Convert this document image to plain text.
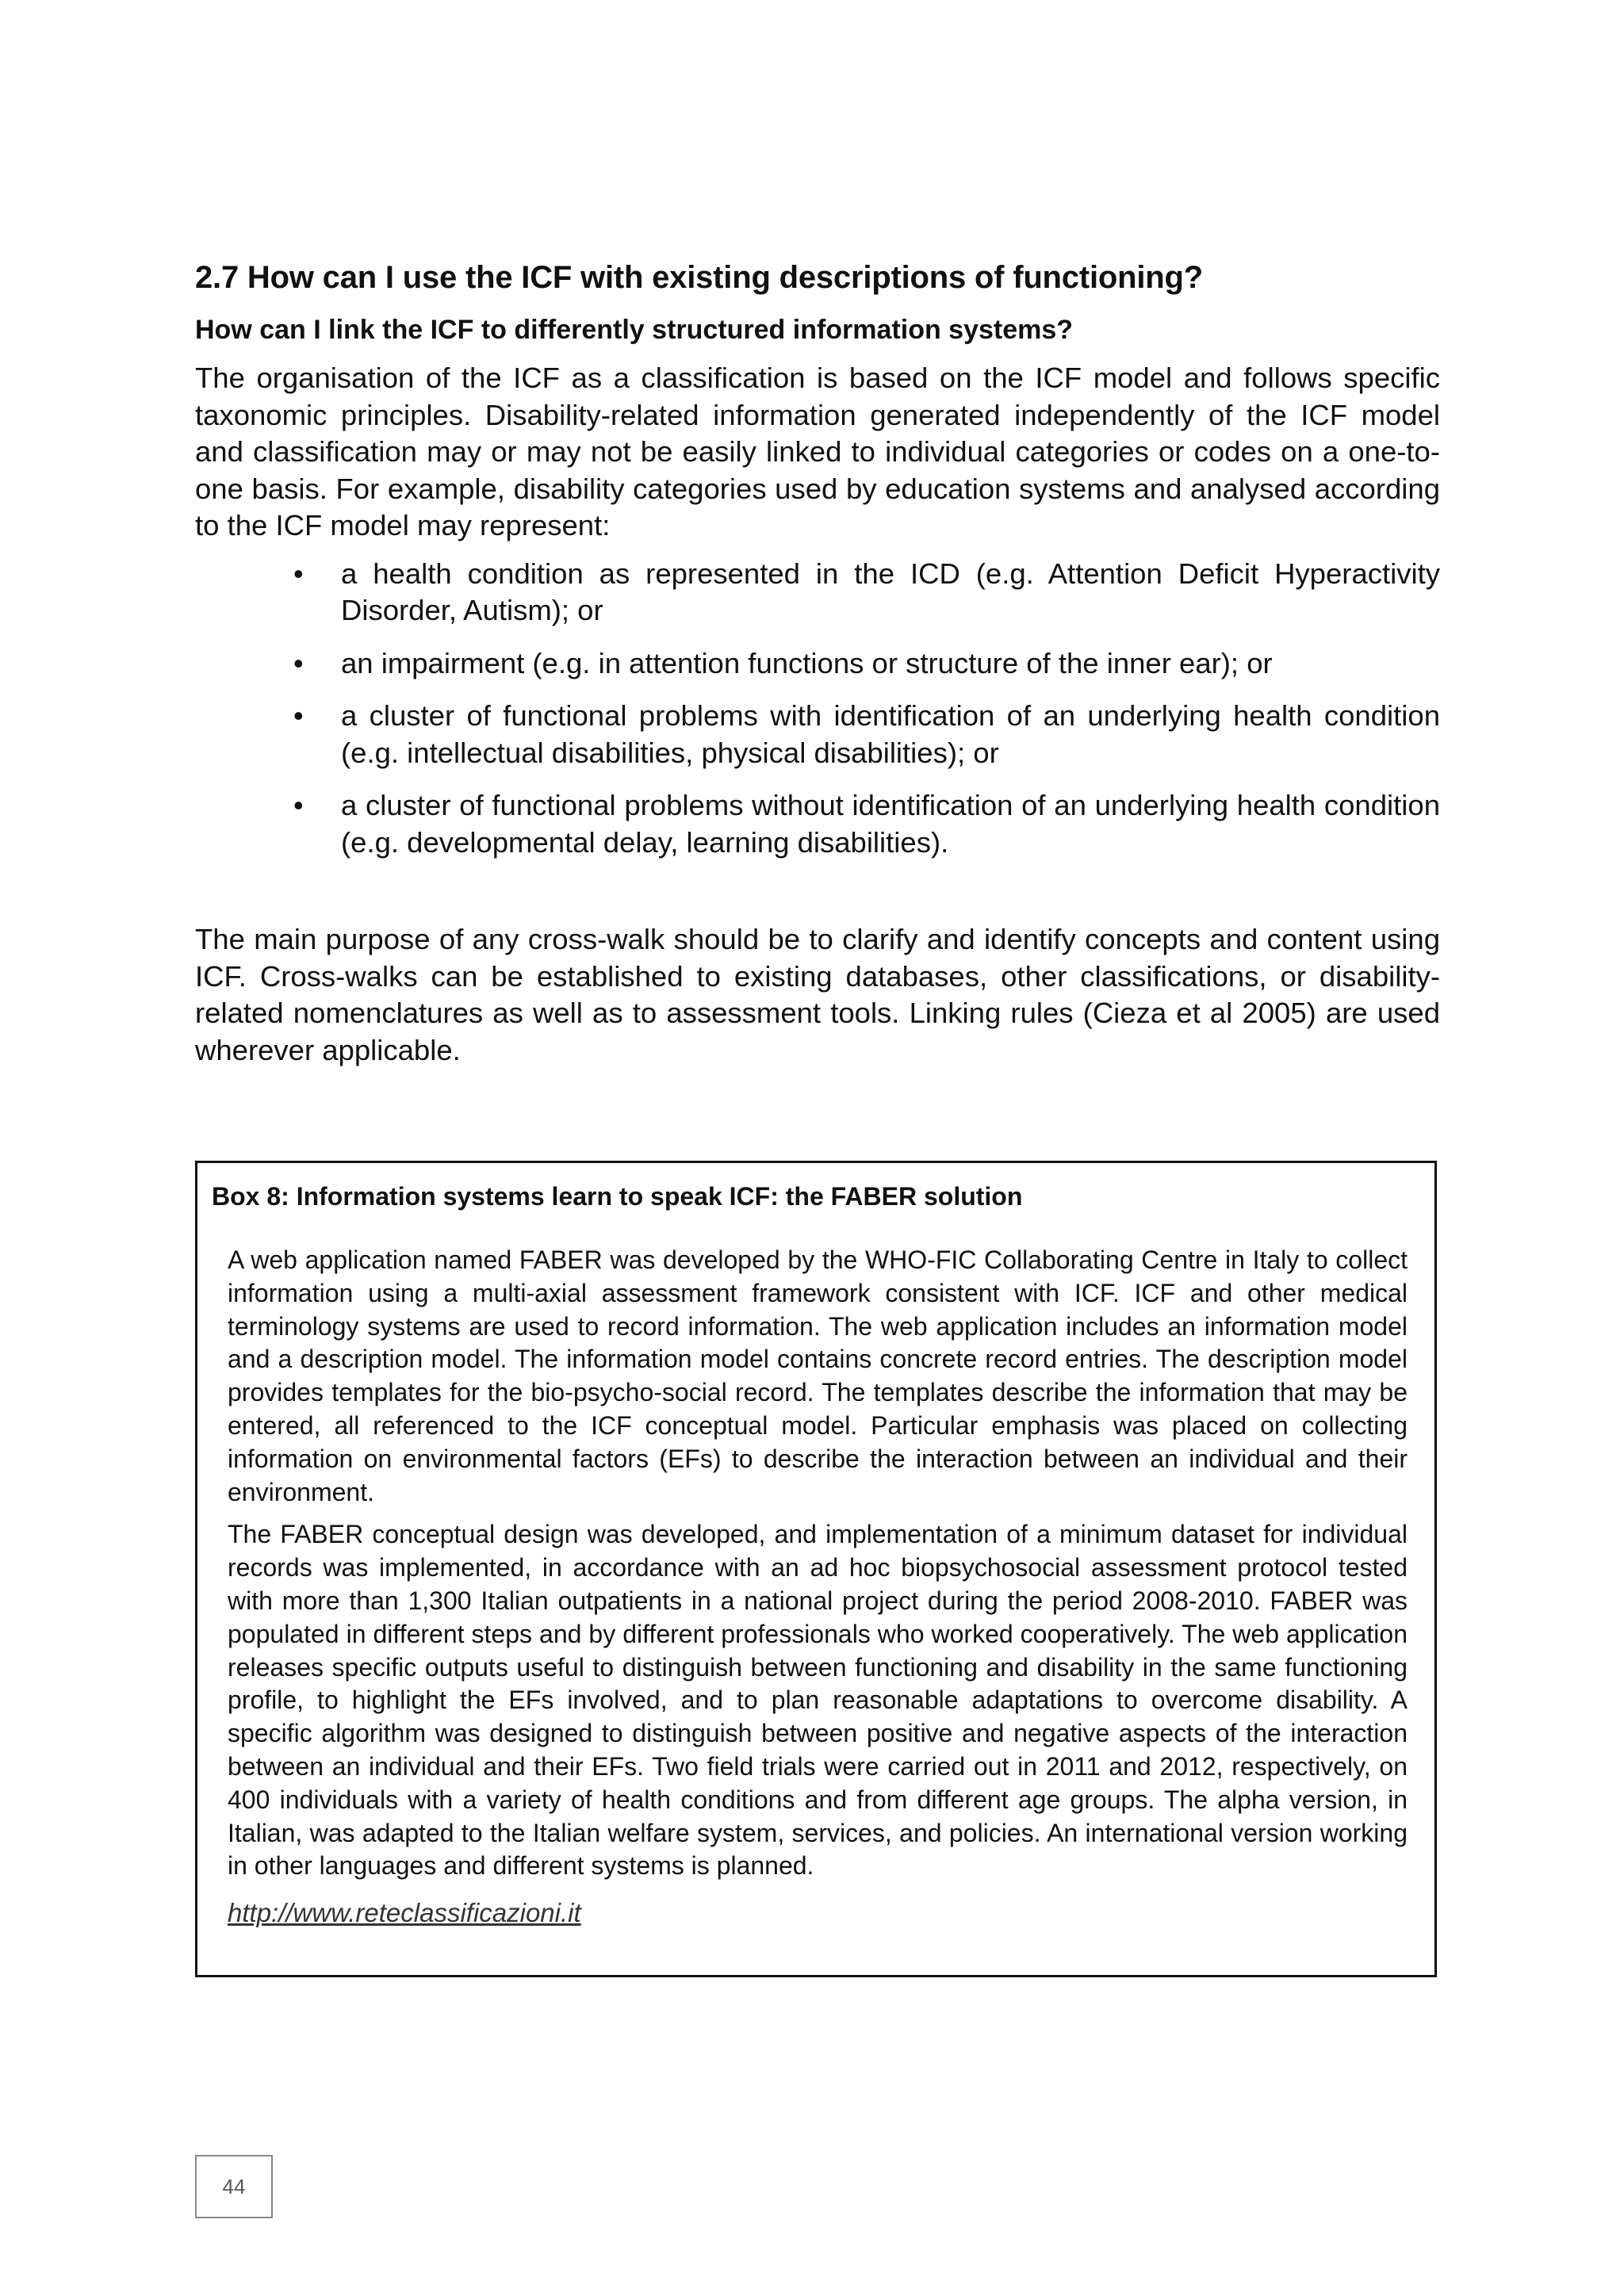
2.7 How can I use the ICF with existing descriptions of functioning?
How can I link the ICF to differently structured information systems?

The organisation of the ICF as a classification is based on the ICF model and follows specific taxonomic principles. Disability-related information generated independently of the ICF model and classification may or may not be easily linked to individual categories or codes on a one-to-one basis. For example, disability categories used by education systems and analysed according to the ICF model may represent:

• a health condition as represented in the ICD (e.g. Attention Deficit Hyperactivity Disorder, Autism); or
• an impairment (e.g. in attention functions or structure of the inner ear); or
• a cluster of functional problems with identification of an underlying health condition (e.g. intellectual disabilities, physical disabilities); or
• a cluster of functional problems without identification of an underlying health condition (e.g. developmental delay, learning disabilities).

The main purpose of any cross-walk should be to clarify and identify concepts and content using ICF. Cross-walks can be established to existing databases, other classifications, or disability-related nomenclatures as well as to assessment tools. Linking rules (Cieza et al 2005) are used wherever applicable.

Box 8: Information systems learn to speak ICF: the FABER solution

A web application named FABER was developed by the WHO-FIC Collaborating Centre in Italy to collect information using a multi-axial assessment framework consistent with ICF. ICF and other medical terminology systems are used to record information. The web application includes an information model and a description model. The information model contains concrete record entries. The description model provides templates for the bio-psycho-social record. The templates describe the information that may be entered, all referenced to the ICF conceptual model. Particular emphasis was placed on collecting information on environmental factors (EFs) to describe the interaction between an individual and their environment.

The FABER conceptual design was developed, and implementation of a minimum dataset for individual records was implemented, in accordance with an ad hoc biopsychosocial assessment protocol tested with more than 1,300 Italian outpatients in a national project during the period 2008-2010. FABER was populated in different steps and by different professionals who worked cooperatively. The web application releases specific outputs useful to distinguish between functioning and disability in the same functioning profile, to highlight the EFs involved, and to plan reasonable adaptations to overcome disability. A specific algorithm was designed to distinguish between positive and negative aspects of the interaction between an individual and their EFs. Two field trials were carried out in 2011 and 2012, respectively, on 400 individuals with a variety of health conditions and from different age groups. The alpha version, in Italian, was adapted to the Italian welfare system, services, and policies. An international version working in other languages and different systems is planned.

http://www.reteclassificazioni.it
44
